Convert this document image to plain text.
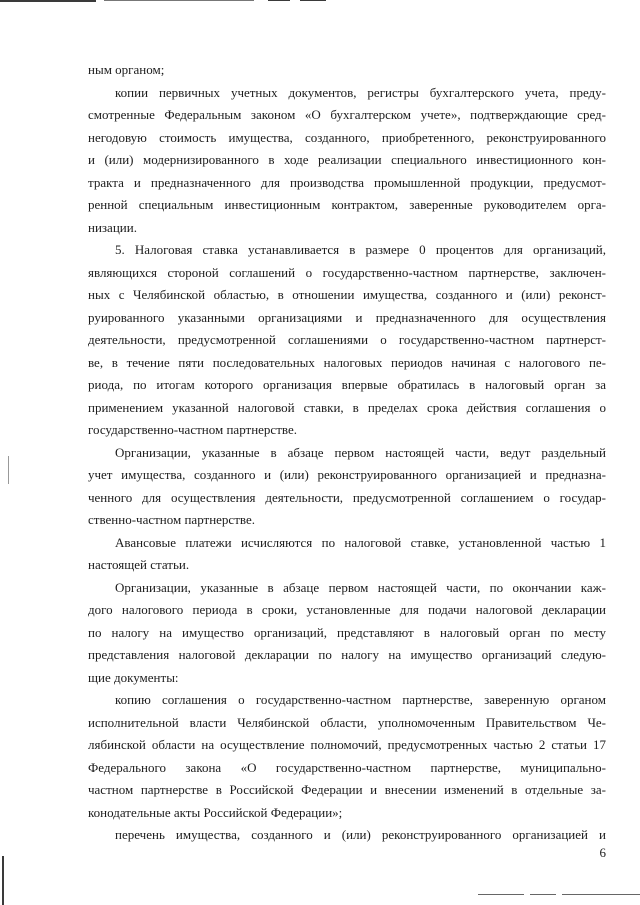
ным органом;
копии первичных учетных документов, регистры бухгалтерского учета, преду-
смотренные Федеральным законом «О бухгалтерском учете», подтверждающие сред-
негодовую стоимость имущества, созданного, приобретенного, реконструированного
и (или) модернизированного в ходе реализации специального инвестиционного кон-
тракта и предназначенного для производства промышленной продукции, предусмот-
ренной специальным инвестиционным контрактом, заверенные руководителем орга-
низации.
5. Налоговая ставка устанавливается в размере 0 процентов для организаций,
являющихся стороной соглашений о государственно-частном партнерстве, заключен-
ных с Челябинской областью, в отношении имущества, созданного и (или) реконст-
руированного указанными организациями и предназначенного для осуществления
деятельности, предусмотренной соглашениями о государственно-частном партнерст-
ве, в течение пяти последовательных налоговых периодов начиная с налогового пе-
риода, по итогам которого организация впервые обратилась в налоговый орган за
применением указанной налоговой ставки, в пределах срока действия соглашения о
государственно-частном партнерстве.
Организации, указанные в абзаце первом настоящей части, ведут раздельный
учет имущества, созданного и (или) реконструированного организацией и предназна-
ченного для осуществления деятельности, предусмотренной соглашением о государ-
ственно-частном партнерстве.
Авансовые платежи исчисляются по налоговой ставке, установленной частью 1
настоящей статьи.
Организации, указанные в абзаце первом настоящей части, по окончании каж-
дого налогового периода в сроки, установленные для подачи налоговой декларации
по налогу на имущество организаций, представляют в налоговый орган по месту
представления налоговой декларации по налогу на имущество организаций следую-
щие документы:
копию соглашения о государственно-частном партнерстве, заверенную органом
исполнительной власти Челябинской области, уполномоченным Правительством Че-
лябинской области на осуществление полномочий, предусмотренных частью 2 статьи 17
Федерального закона «О государственно-частном партнерстве, муниципально-
частном партнерстве в Российской Федерации и внесении изменений в отдельные за-
конодательные акты Российской Федерации»;
перечень имущества, созданного и (или) реконструированного организацией и
6
